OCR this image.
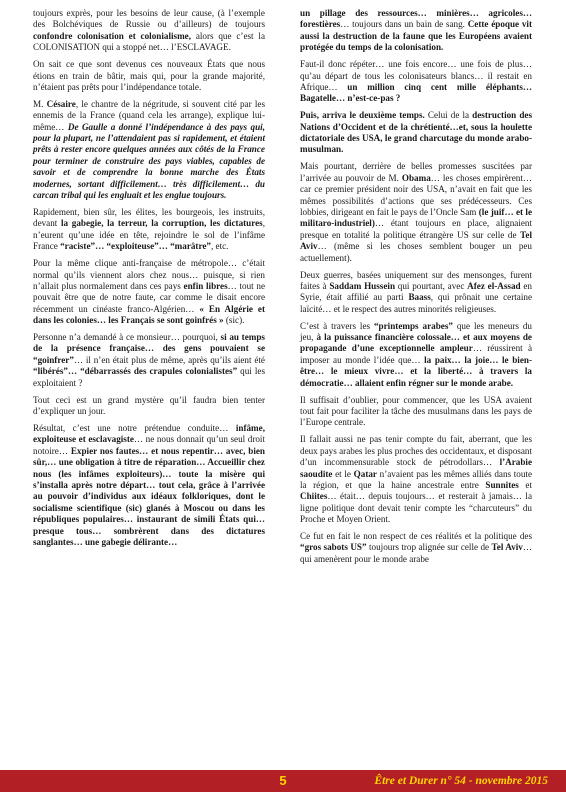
toujours exprès, pour les besoins de leur cause, (à l’exemple des Bolchéviques de Russie ou d’ailleurs) de toujours confondre colonisation et colonialisme, alors que c’est la COLONISATION qui a stoppé net… l’ESCLAVAGE.

On sait ce que sont devenus ces nouveaux États que nous étions en train de bâtir, mais qui, pour la grande majorité, n’étaient pas prêts pour l’indépendance totale.

M. Césaire, le chantre de la négritude, si souvent cité par les ennemis de la France (quand cela les arrange), explique lui-même… De Gaulle a donné l’indépendance à des pays qui, pour la plupart, ne l’attendaient pas si rapidement, et étaient prêts à rester encore quelques années aux côtés de la France pour terminer de construire des pays viables, capables de savoir et de comprendre la bonne marche des États modernes, sortant difficilement… très difficilement… du carcan tribal qui les engluait et les englue toujours.

Rapidement, bien sûr, les élites, les bourgeois, les instruits, devant la gabegie, la terreur, la corruption, les dictatures, n’eurent qu’une idée en tête, rejoindre le sol de l’infâme France “raciste”… “exploiteuse”… “marâtre”, etc.

Pour la même clique anti-française de métropole… c’était normal qu’ils viennent alors chez nous… puisque, si rien n’allait plus normalement dans ces pays enfin libres… tout ne pouvait être que de notre faute, car comme le disait encore récemment un cinéaste franco-Algérien… « En Algérie et dans les colonies… les Français se sont goinfrés » (sic).

Personne n’a demandé à ce monsieur… pourquoi, si au temps de la présence française… des gens pouvaient se “goinfrer”… il n’en était plus de même, après qu’ils aient été “libérés”… “débarrassés des crapules colonialistes” qui les exploitaient ?

Tout ceci est un grand mystère qu’il faudra bien tenter d’expliquer un jour.

Résultat, c’est une notre prétendue conduite… infâme, exploiteuse et esclavagiste… ne nous donnait qu’un seul droit notoire… Expier nos fautes… et nous repentir… avec, bien sûr,… une obligation à titre de réparation… Accueillir chez nous (les infâmes exploiteurs)… toute la misère qui s’installa après notre départ… tout cela, grâce à l’arrivée au pouvoir d’individus aux idéaux folkloriques, dont le socialisme scientifique (sic) glanés à Moscou ou dans les républiques populaires… instaurant de simili États qui… presque tous… sombrèrent dans des dictatures sanglantes… une gabegie délirante…

un pillage des ressources… minières… agricoles… forestières… toujours dans un bain de sang. Cette époque vit aussi la destruction de la faune que les Européens avaient protégée du temps de la colonisation.

Faut-il donc répéter… une fois encore… une fois de plus… qu’au départ de tous les colonisateurs blancs… il restait en Afrique… un million cinq cent mille éléphants… Bagatelle… n’est-ce-pas ?

Puis, arriva le deuxième temps. Celui de la destruction des Nations d’Occident et de la chrétienté…et, sous la houlette dictatoriale des USA, le grand charcutage du monde arabo-musulman.

Mais pourtant, derrière de belles promesses suscitées par l’arrivée au pouvoir de M. Obama… les choses empirèrent… car ce premier président noir des USA, n’avait en fait que les mêmes possibilités d’actions que ses prédécesseurs. Ces lobbies, dirigeant en fait le pays de l’Oncle Sam (le juif… et le militaro-industriel)… étant toujours en place, alignaient presque en totalité la politique étrangère US sur celle de Tel Aviv… (même si les choses semblent bouger un peu actuellement).

Deux guerres, basées uniquement sur des mensonges, furent faites à Saddam Hussein qui pourtant, avec Afez el-Assad en Syrie, était affilié au parti Baass, qui prônait une certaine laïcité… et le respect des autres minorités religieuses.

C’est à travers les “printemps arabes” que les meneurs du jeu, à la puissance financière colossale… et aux moyens de propagande d’une exceptionnelle ampleur… réussirent à imposer au monde l’idée que… la paix… la joie… le bien-être… le mieux vivre… et la liberté… à travers la démocratie… allaient enfin régner sur le monde arabe.

Il suffisait d’oublier, pour commencer, que les USA avaient tout fait pour faciliter la tâche des musulmans dans les pays de l’Europe centrale.

Il fallait aussi ne pas tenir compte du fait, aberrant, que les deux pays arabes les plus proches des occidentaux, et disposant d’un incommensurable stock de pétrodollars… l’Arabie saoudite et le Qatar n’avaient pas les mêmes alliés dans toute la région, et que la haine ancestrale entre Sunnites et Chiites… était… depuis toujours… et resterait à jamais… la ligne politique dont devait tenir compte les “charcuteurs” du Proche et Moyen Orient.

Ce fut en fait le non respect de ces réalités et la politique des “gros sabots US” toujours trop alignée sur celle de Tel Aviv… qui amenèrent pour le monde arabe

5	Être et Durer n° 54 - novembre 2015
